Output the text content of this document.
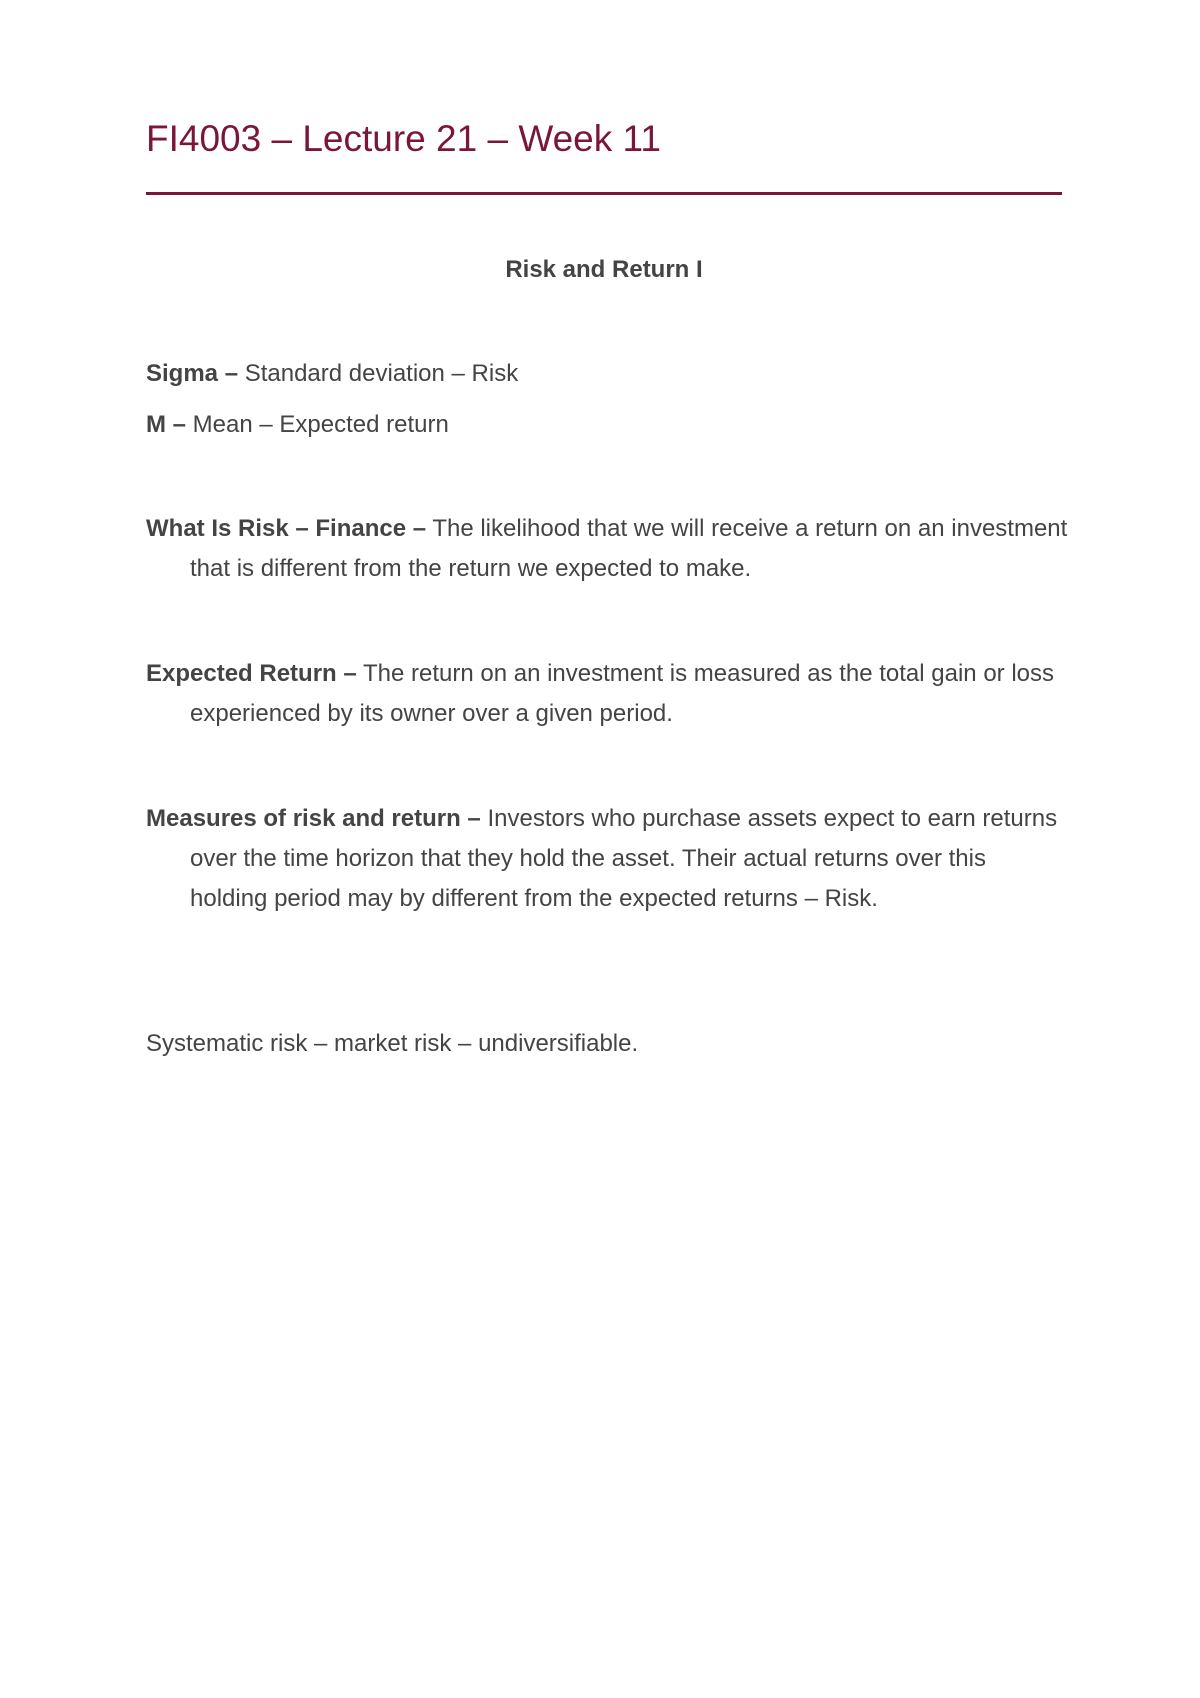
FI4003 – Lecture 21 – Week 11
Risk and Return I

Sigma – Standard deviation – Risk

M – Mean – Expected return

What Is Risk – Finance – The likelihood that we will receive a return on an investment that is different from the return we expected to make.

Expected Return – The return on an investment is measured as the total gain or loss experienced by its owner over a given period.

Measures of risk and return – Investors who purchase assets expect to earn returns over the time horizon that they hold the asset. Their actual returns over this holding period may by different from the expected returns – Risk.

Systematic risk – market risk – undiversifiable.
